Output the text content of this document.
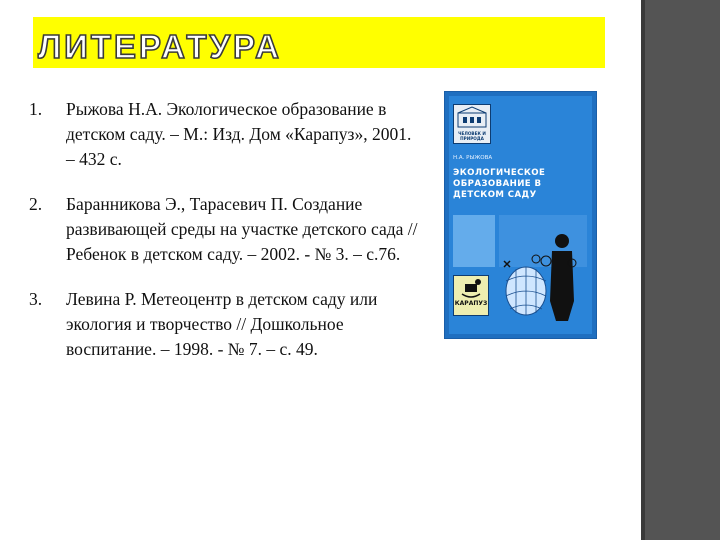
ЛИТЕРАТУРА
1. Рыжова Н.А. Экологическое образование в детском саду. – М.: Изд. Дом «Карапуз», 2001. – 432 с.
2. Баранникова Э., Тарасевич П. Создание развивающей среды на участке детского сада // Ребенок в детском саду. – 2002. - № 3. – с.76.
3. Левина Р. Метеоцентр в детском саду или экология и творчество // Дошкольное воспитание. – 1998. - № 7. – с. 49.
ЧЕЛОВЕК И ПРИРОДА
Н.А. РЫЖОВА
ЭКОЛОГИЧЕСКОЕ ОБРАЗОВАНИЕ В ДЕТСКОМ САДУ
КАРАПУЗ
